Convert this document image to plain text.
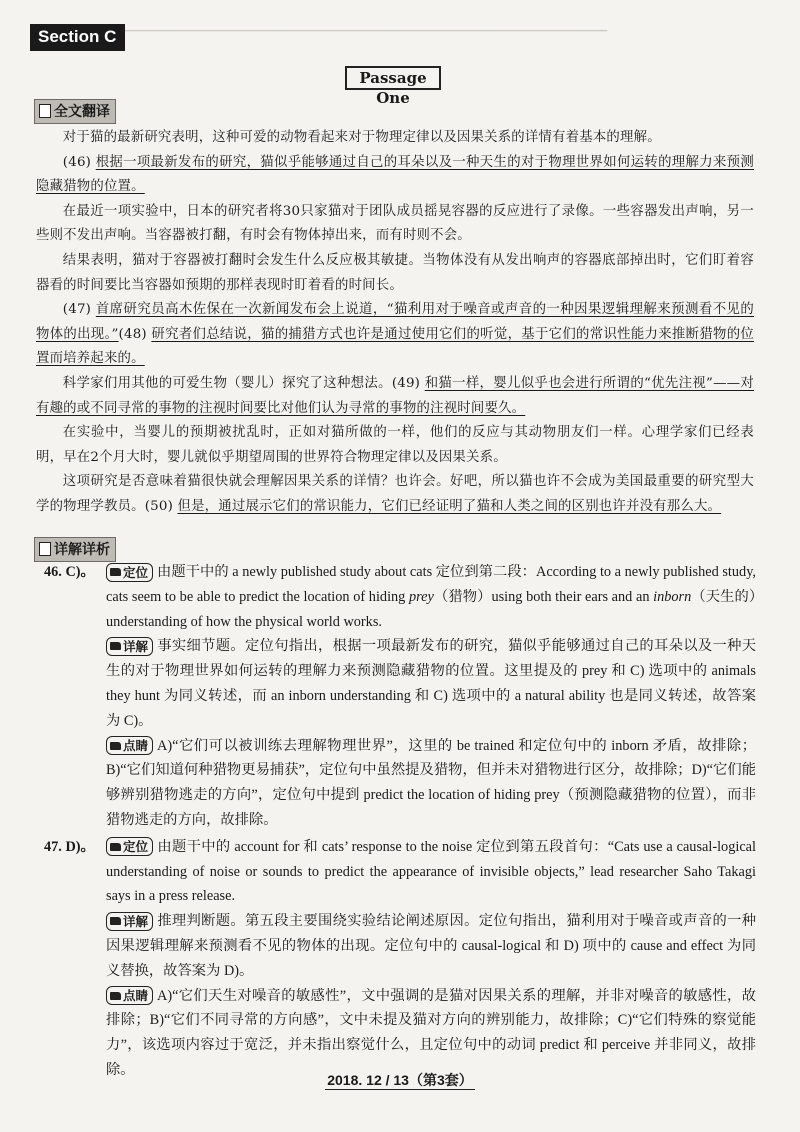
Section C ▔▔▔▔▔▔▔▔▔▔▔▔▔▔▔▔▔▔▔▔▔▔▔▔▔▔▔▔▔▔▔▔▔▔▔▔▔▔▔▔▔▔▔▔▔▔▔▔▔▔▔▔▔▔▔▔▔
Passage One
全文翻译

对于猫的最新研究表明，这种可爱的动物看起来对于物理定律以及因果关系的详情有着基本的理解。

(46) 根据一项最新发布的研究，猫似乎能够通过自己的耳朵以及一种天生的对于物理世界如何运转的理解力来预测隐藏猎物的位置。

在最近一项实验中，日本的研究者将30只家猫对于团队成员摇晃容器的反应进行了录像。一些容器发出声响，另一些则不发出声响。当容器被打翻，有时会有物体掉出来，而有时则不会。

结果表明，猫对于容器被打翻时会发生什么反应极其敏捷。当物体没有从发出响声的容器底部掉出时，它们盯着容器看的时间要比当容器如预期的那样表现时盯着看的时间长。

(47) 首席研究员高木佐保在一次新闻发布会上说道，“猫利用对于噪音或声音的一种因果逻辑理解来预测看不见的物体的出现。”(48) 研究者们总结说，猫的捕猎方式也许是通过使用它们的听觉，基于它们的常识性能力来推断猎物的位置而培养起来的。

科学家们用其他的可爱生物（婴儿）探究了这种想法。(49) 和猫一样，婴儿似乎也会进行所谓的“优先注视”——对有趣的或不同寻常的事物的注视时间要比对他们认为寻常的事物的注视时间要久。

在实验中，当婴儿的预期被扰乱时，正如对猫所做的一样，他们的反应与其动物朋友们一样。心理学家们已经表明，早在2个月大时，婴儿就似乎期望周围的世界符合物理定律以及因果关系。

这项研究是否意味着猫很快就会理解因果关系的详情？也许会。好吧，所以猫也许不会成为美国最重要的研究型大学的物理学教员。(50) 但是，通过展示它们的常识能力，它们已经证明了猫和人类之间的区别也许并没有那么大。

详解详析
46. C)。 定位 由题干中的 a newly published study about cats 定位到第二段：According to a newly published study, cats seem to be able to predict the location of hiding prey（猎物）using both their ears and an inborn（天生的）understanding of how the physical world works.

详解 事实细节题。定位句指出，根据一项最新发布的研究，猫似乎能够通过自己的耳朵以及一种天生的对于物理世界如何运转的理解力来预测隐藏猎物的位置。这里提及的 prey 和 C) 选项中的 animals they hunt 为同义转述，而 an inborn understanding 和 C) 选项中的 a natural ability 也是同义转述，故答案为 C)。

点睛 A)“它们可以被训练去理解物理世界”，这里的 be trained 和定位句中的 inborn 矛盾，故排除；B)“它们知道何种猎物更易捕获”，定位句中虽然提及猎物，但并未对猎物进行区分，故排除；D)“它们能够辨别猎物逃走的方向”，定位句中提到 predict the location of hiding prey（预测隐藏猎物的位置），而非猎物逃走的方向，故排除。

47. D)。 定位 由题干中的 account for 和 cats’ response to the noise 定位到第五段首句：“Cats use a causal-logical understanding of noise or sounds to predict the appearance of invisible objects,” lead researcher Saho Takagi says in a press release.

详解 推理判断题。第五段主要围绕实验结论阐述原因。定位句指出，猫利用对于噪音或声音的一种因果逻辑理解来预测看不见的物体的出现。定位句中的 causal-logical 和 D) 项中的 cause and effect 为同义替换，故答案为 D)。

点睛 A)“它们天生对噪音的敏感性”，文中强调的是猫对因果关系的理解，并非对噪音的敏感性，故排除；B)“它们不同寻常的方向感”，文中未提及猫对方向的辨别能力，故排除；C)“它们特殊的察觉能力”，该选项内容过于宽泛，并未指出察觉什么，且定位句中的动词 predict 和 perceive 并非同义，故排除。

2018. 12 / 13（第3套）
